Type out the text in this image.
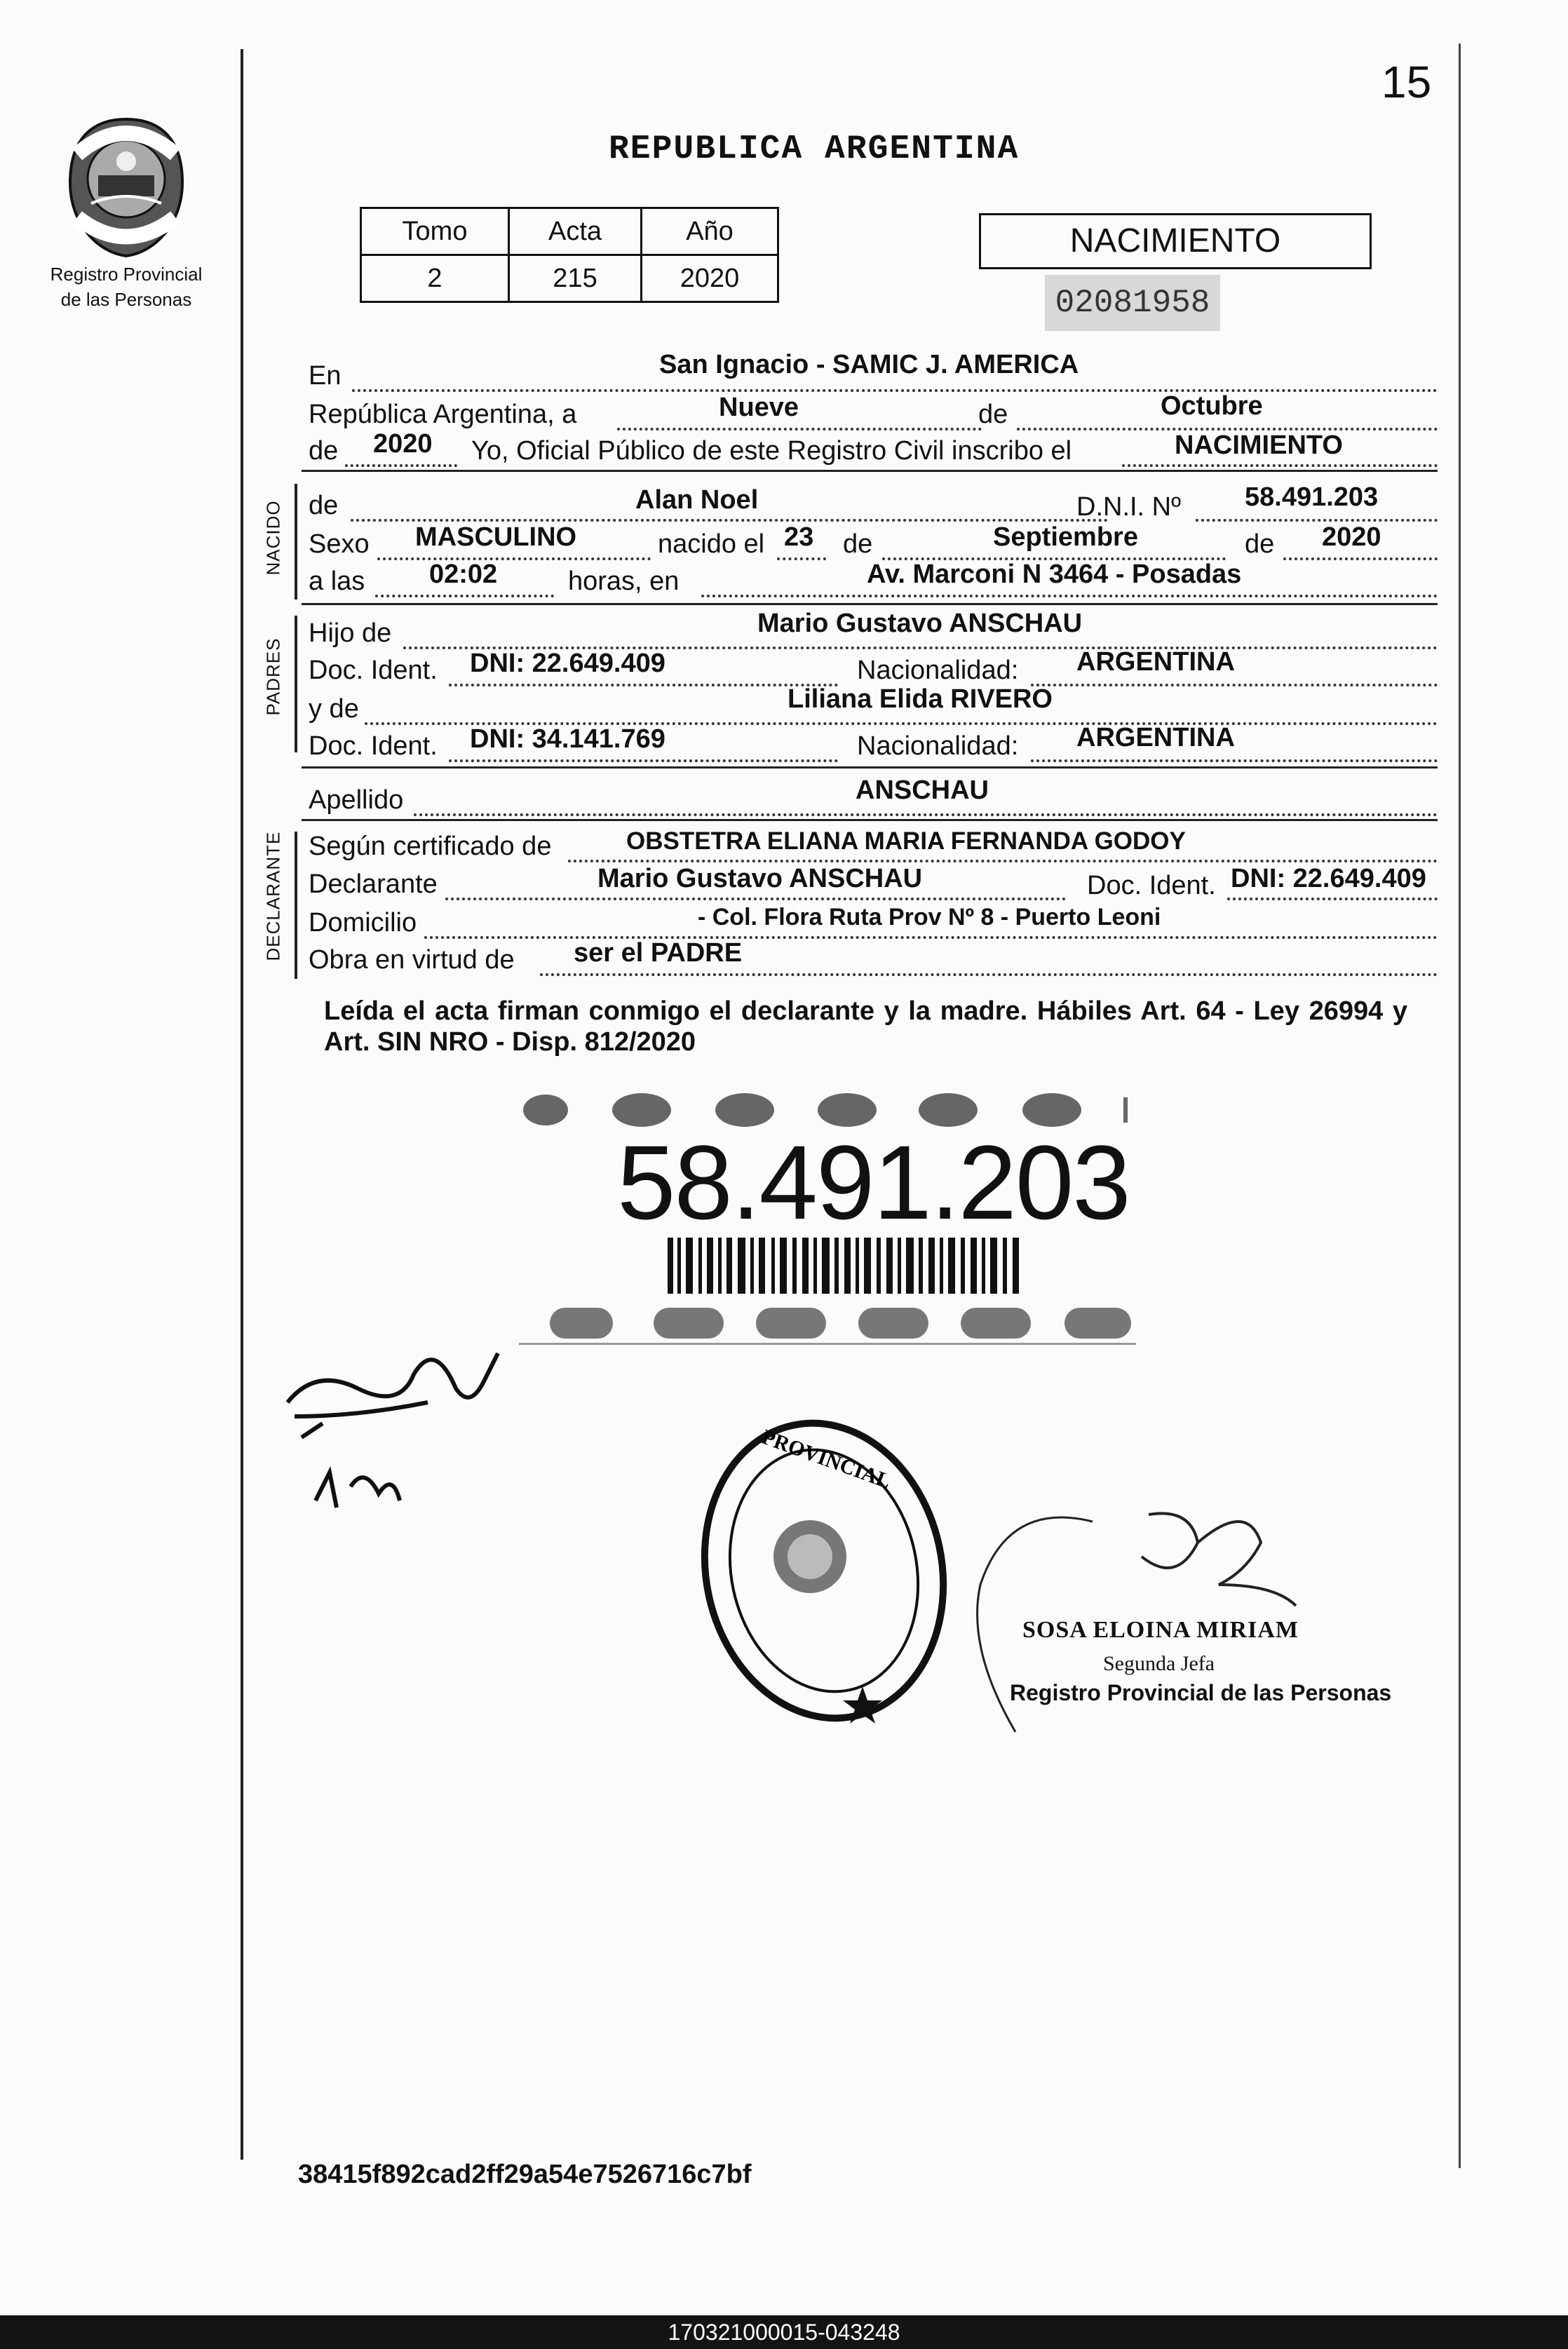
15
Registro Provincial
de las Personas
REPUBLICA ARGENTINA
Tomo	Acta	Año
2	215	2020
NACIMIENTO
02081958
En	San Ignacio - SAMIC J. AMERICA
República Argentina, a	Nueve	de	Octubre
de 2020 Yo, Oficial Público de este Registro Civil inscribo el	NACIMIENTO
NACIDO de	Alan Noel	D.N.I. Nº 58.491.203
Sexo MASCULINO	nacido el 23 de	Septiembre	de 2020
a las 02:02	horas, en	Av. Marconi N 3464 - Posadas
PADRES
Hijo de	Mario Gustavo ANSCHAU
Doc. Ident. DNI: 22.649.409	Nacionalidad: ARGENTINA
y de	Liliana Elida RIVERO
Doc. Ident. DNI: 34.141.769	Nacionalidad: ARGENTINA
Apellido	ANSCHAU
DECLARANTE Según certificado de	OBSTETRA ELIANA MARIA FERNANDA GODOY
Declarante	Mario Gustavo ANSCHAU	Doc. Ident. DNI: 22.649.409
Domicilio	- Col. Flora Ruta Prov Nº 8 - Puerto Leoni
Obra en virtud de ser el PADRE
Leída el acta firman conmigo el declarante y la madre. Hábiles Art. 64 - Ley 26994 y Art. SIN NRO - Disp. 812/2020
58.491.203
PROVINCIAL
SOSA ELOINA MIRIAM
Segunda Jefa
Registro Provincial de las Personas
38415f892cad2ff29a54e7526716c7bf
170321000015-043248
